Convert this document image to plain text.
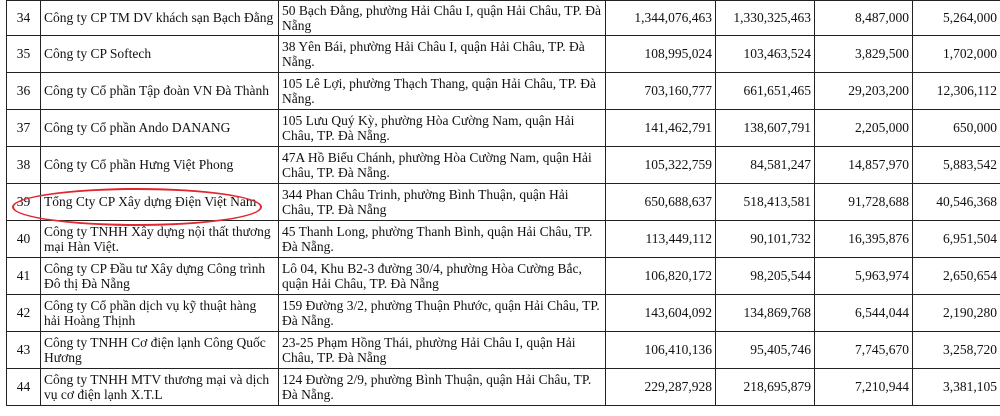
34	Công ty CP TM DV khách sạn Bạch Đằng	50 Bạch Đằng, phường Hải Châu I, quận Hải Châu, TP. Đà Nẵng	1,344,076,463	1,330,325,463	8,487,000	5,264,000
35	Công ty CP Softech	38 Yên Bái, phường Hải Châu I, quận Hải Châu, TP. Đà Nẵng.	108,995,024	103,463,524	3,829,500	1,702,000
36	Công ty Cổ phần Tập đoàn VN Đà Thành	105 Lê Lợi, phường Thạch Thang, quận Hải Châu, TP. Đà Nẵng.	703,160,777	661,651,465	29,203,200	12,306,112
37	Công ty Cổ phần Ando DANANG	105 Lưu Quý Kỳ, phường Hòa Cường Nam, quận Hải Châu, TP. Đà Nẵng.	141,462,791	138,607,791	2,205,000	650,000
38	Công ty Cổ phần Hưng Việt Phong	47A Hồ Biểu Chánh, phường Hòa Cường Nam, quận Hải Châu, TP. Đà Nẵng.	105,322,759	84,581,247	14,857,970	5,883,542
39	Tổng Cty CP Xây dựng Điện Việt Nam	344 Phan Châu Trinh, phường Bình Thuận, quận Hải Châu, TP. Đà Nẵng	650,688,637	518,413,581	91,728,688	40,546,368
40	Công ty TNHH Xây dựng nội thất thương mại Hàn Việt.	45 Thanh Long, phường Thanh Bình, quận Hải Châu, TP. Đà Nẵng.	113,449,112	90,101,732	16,395,876	6,951,504
41	Công ty CP Đầu tư Xây dựng Công trình Đô thị Đà Nẵng	Lô 04, Khu B2-3 đường 30/4, phường Hòa Cường Bắc, quận Hải Châu, TP. Đà Nẵng	106,820,172	98,205,544	5,963,974	2,650,654
42	Công ty Cổ phần dịch vụ kỹ thuật hàng hải Hoàng Thịnh	159 Đường 3/2, phường Thuận Phước, quận Hải Châu, TP. Đà Nẵng.	143,604,092	134,869,768	6,544,044	2,190,280
43	Công ty TNHH Cơ điện lạnh Công Quốc Hương	23-25 Phạm Hồng Thái, phường Hải Châu I, quận Hải Châu, TP. Đà Nẵng	106,410,136	95,405,746	7,745,670	3,258,720
44	Công ty TNHH MTV thương mại và dịch vụ cơ điện lạnh X.T.L	124 Đường 2/9, phường Bình Thuận, quận Hải Châu, TP. Đà Nẵng.	229,287,928	218,695,879	7,210,944	3,381,105
